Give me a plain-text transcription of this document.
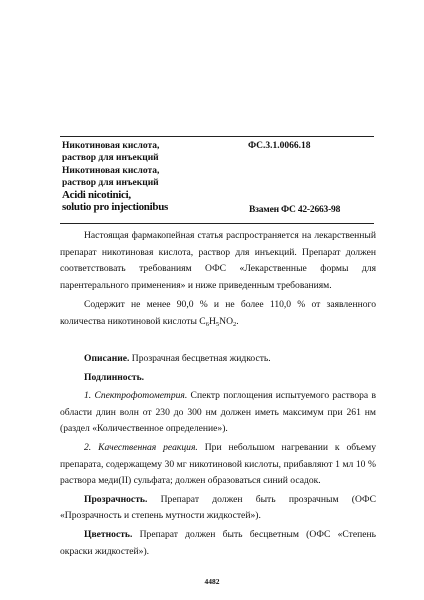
Никотиновая кислота,
раствор для инъекций
ФС.3.1.0066.18
Никотиновая кислота,
раствор для инъекций
Acidi nicotinici,
solutio pro injectionibus	Взамен ФС 42-2663-98

Настоящая фармакопейная статья распространяется на лекарственный препарат никотиновая кислота, раствор для инъекций. Препарат должен соответствовать требованиям ОФС «Лекарственные формы для парентерального применения» и ниже приведенным требованиям.

Содержит не менее 90,0 % и не более 110,0 % от заявленного количества никотиновой кислоты $C_6H_5NO_2$.

Описание. Прозрачная бесцветная жидкость.

Подлинность.

1. Спектрофотометрия. Спектр поглощения испытуемого раствора в области длин волн от 230 до 300 нм должен иметь максимум при 261 нм (раздел «Количественное определение»).

2. Качественная реакция. При небольшом нагревании к объему препарата, содержащему 30 мг никотиновой кислоты, прибавляют 1 мл 10 % раствора меди(II) сульфата; должен образоваться синий осадок.

Прозрачность. Препарат должен быть прозрачным (ОФС «Прозрачность и степень мутности жидкостей»).

Цветность. Препарат должен быть бесцветным (ОФС «Степень окраски жидкостей»).

4482
